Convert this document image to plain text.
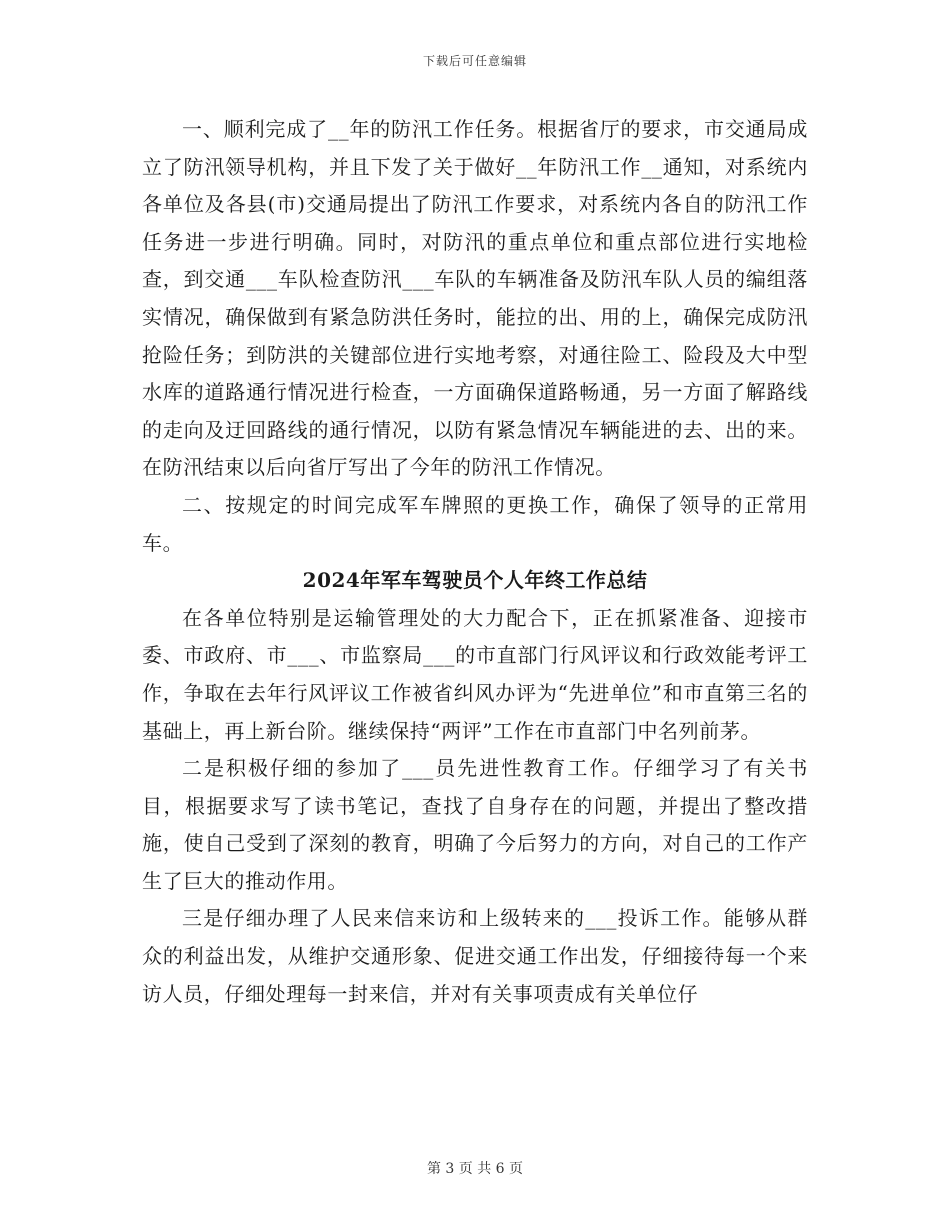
下载后可任意编辑

一、顺利完成了__年的防汛工作任务。根据省厅的要求，市交通局成立了防汛领导机构，并且下发了关于做好__年防汛工作__通知，对系统内各单位及各县(市)交通局提出了防汛工作要求，对系统内各自的防汛工作任务进一步进行明确。同时，对防汛的重点单位和重点部位进行实地检查，到交通___车队检查防汛___车队的车辆准备及防汛车队人员的编组落实情况，确保做到有紧急防洪任务时，能拉的出、用的上，确保完成防汛抢险任务；到防洪的关键部位进行实地考察，对通往险工、险段及大中型水库的道路通行情况进行检查，一方面确保道路畅通，另一方面了解路线的走向及迂回路线的通行情况，以防有紧急情况车辆能进的去、出的来。在防汛结束以后向省厅写出了今年的防汛工作情况。

二、按规定的时间完成军车牌照的更换工作，确保了领导的正常用车。

2024年军车驾驶员个人年终工作总结

在各单位特别是运输管理处的大力配合下，正在抓紧准备、迎接市委、市政府、市___、市监察局___的市直部门行风评议和行政效能考评工作，争取在去年行风评议工作被省纠风办评为“先进单位”和市直第三名的基础上，再上新台阶。继续保持“两评”工作在市直部门中名列前茅。

二是积极仔细的参加了___员先进性教育工作。仔细学习了有关书目，根据要求写了读书笔记，查找了自身存在的问题，并提出了整改措施，使自己受到了深刻的教育，明确了今后努力的方向，对自己的工作产生了巨大的推动作用。

三是仔细办理了人民来信来访和上级转来的___投诉工作。能够从群众的利益出发，从维护交通形象、促进交通工作出发，仔细接待每一个来访人员，仔细处理每一封来信，并对有关事项责成有关单位仔

第 3 页 共 6 页
